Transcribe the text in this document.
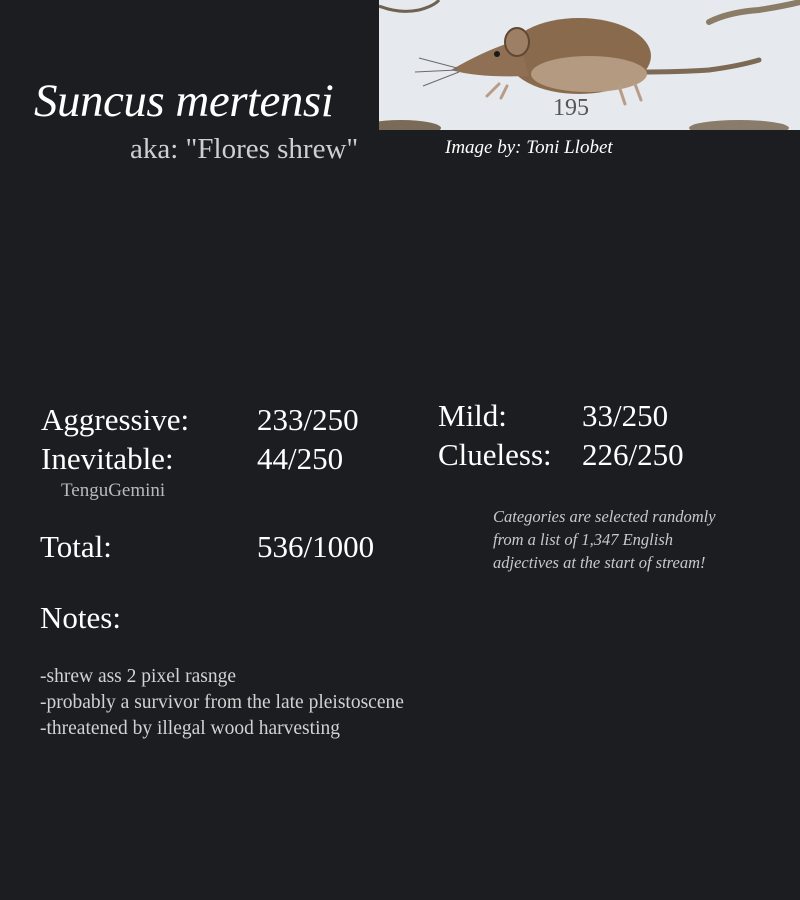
Suncus mertensi
aka: "Flores shrew"
195
Image by: Toni Llobet
Aggressive: 233/250
Inevitable:	44/250
TenguGemini
Mild: 33/250
Clueless: 226/250
Total:	536/1000
Categories are selected randomly from a list of 1,347 English adjectives at the start of stream!
Notes:
-shrew ass 2 pixel rasnge
-probably a survivor from the late pleistoscene
-threatened by illegal wood harvesting
